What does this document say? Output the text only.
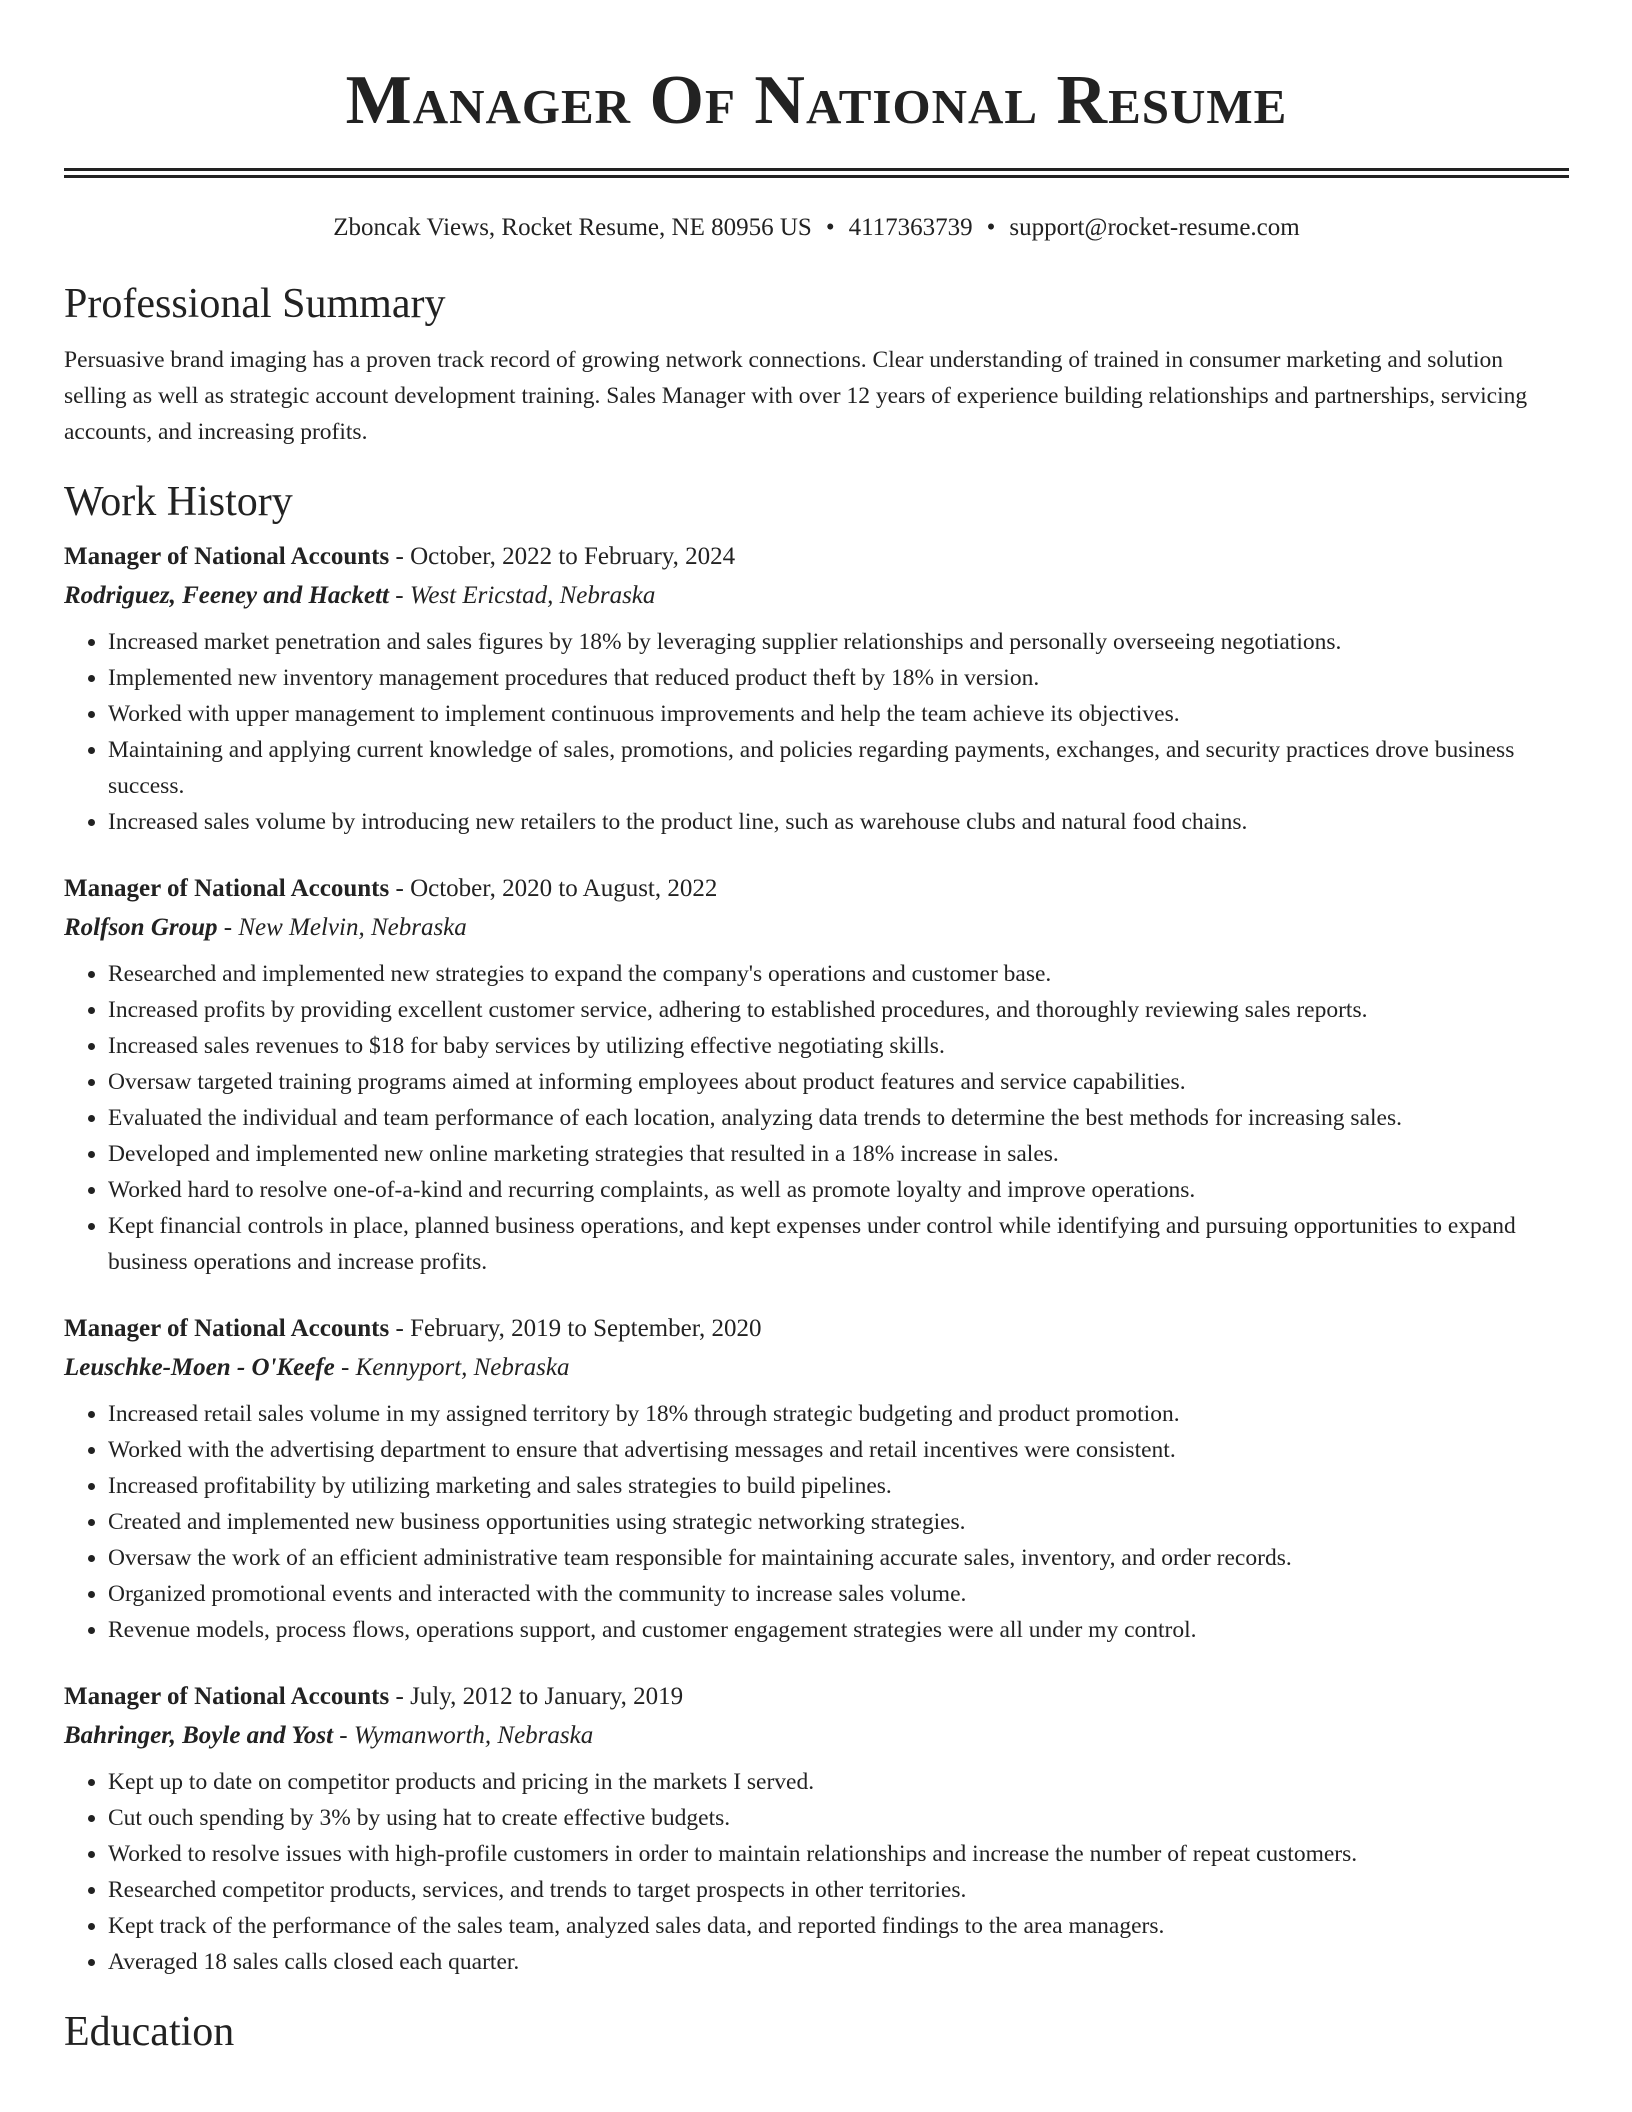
Manager Of National Resume
Zboncak Views, Rocket Resume, NE 80956 US • 4117363739 • support@rocket-resume.com
Professional Summary
Persuasive brand imaging has a proven track record of growing network connections. Clear understanding of trained in consumer marketing and solution selling as well as strategic account development training. Sales Manager with over 12 years of experience building relationships and partnerships, servicing accounts, and increasing profits.
Work History
Manager of National Accounts - October, 2022 to February, 2024
Rodriguez, Feeney and Hackett - West Ericstad, Nebraska
• Increased market penetration and sales figures by 18% by leveraging supplier relationships and personally overseeing negotiations.
• Implemented new inventory management procedures that reduced product theft by 18% in version.
• Worked with upper management to implement continuous improvements and help the team achieve its objectives.
• Maintaining and applying current knowledge of sales, promotions, and policies regarding payments, exchanges, and security practices drove business success.
• Increased sales volume by introducing new retailers to the product line, such as warehouse clubs and natural food chains.
Manager of National Accounts - October, 2020 to August, 2022
Rolfson Group - New Melvin, Nebraska
• Researched and implemented new strategies to expand the company's operations and customer base.
• Increased profits by providing excellent customer service, adhering to established procedures, and thoroughly reviewing sales reports.
• Increased sales revenues to $18 for baby services by utilizing effective negotiating skills.
• Oversaw targeted training programs aimed at informing employees about product features and service capabilities.
• Evaluated the individual and team performance of each location, analyzing data trends to determine the best methods for increasing sales.
• Developed and implemented new online marketing strategies that resulted in a 18% increase in sales.
• Worked hard to resolve one-of-a-kind and recurring complaints, as well as promote loyalty and improve operations.
• Kept financial controls in place, planned business operations, and kept expenses under control while identifying and pursuing opportunities to expand business operations and increase profits.
Manager of National Accounts - February, 2019 to September, 2020
Leuschke-Moen - O'Keefe - Kennyport, Nebraska
• Increased retail sales volume in my assigned territory by 18% through strategic budgeting and product promotion.
• Worked with the advertising department to ensure that advertising messages and retail incentives were consistent.
• Increased profitability by utilizing marketing and sales strategies to build pipelines.
• Created and implemented new business opportunities using strategic networking strategies.
• Oversaw the work of an efficient administrative team responsible for maintaining accurate sales, inventory, and order records.
• Organized promotional events and interacted with the community to increase sales volume.
• Revenue models, process flows, operations support, and customer engagement strategies were all under my control.
Manager of National Accounts - July, 2012 to January, 2019
Bahringer, Boyle and Yost - Wymanworth, Nebraska
• Kept up to date on competitor products and pricing in the markets I served.
• Cut ouch spending by 3% by using hat to create effective budgets.
• Worked to resolve issues with high-profile customers in order to maintain relationships and increase the number of repeat customers.
• Researched competitor products, services, and trends to target prospects in other territories.
• Kept track of the performance of the sales team, analyzed sales data, and reported findings to the area managers.
• Averaged 18 sales calls closed each quarter.
Education
